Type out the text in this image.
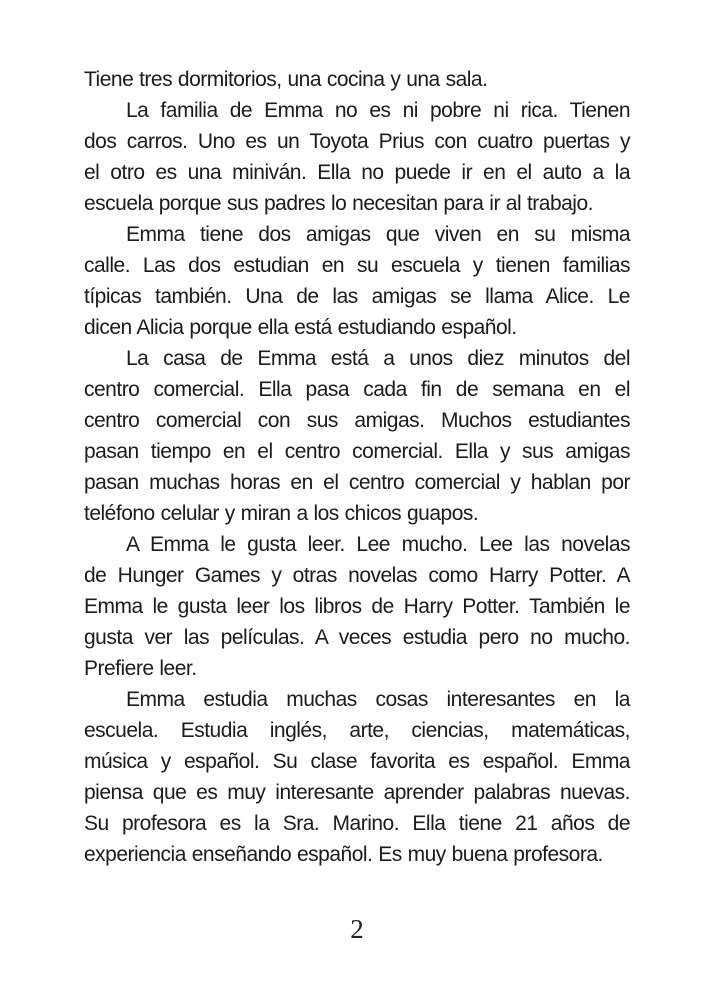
Tiene tres dormitorios, una cocina y una sala.
La familia de Emma no es ni pobre ni rica. Tienen
dos carros. Uno es un Toyota Prius con cuatro puertas y
el otro es una miniván. Ella no puede ir en el auto a la
escuela porque sus padres lo necesitan para ir al trabajo.
Emma tiene dos amigas que viven en su misma
calle. Las dos estudian en su escuela y tienen familias
típicas también. Una de las amigas se llama Alice. Le
dicen Alicia porque ella está estudiando español.
La casa de Emma está a unos diez minutos del
centro comercial. Ella pasa cada fin de semana en el
centro comercial con sus amigas. Muchos estudiantes
pasan tiempo en el centro comercial. Ella y sus amigas
pasan muchas horas en el centro comercial y hablan por
teléfono celular y miran a los chicos guapos.
A Emma le gusta leer. Lee mucho. Lee las novelas
de Hunger Games y otras novelas como Harry Potter. A
Emma le gusta leer los libros de Harry Potter. También le
gusta ver las películas. A veces estudia pero no mucho.
Prefiere leer.
Emma estudia muchas cosas interesantes en la
escuela. Estudia inglés, arte, ciencias, matemáticas,
música y español. Su clase favorita es español. Emma
piensa que es muy interesante aprender palabras nuevas.
Su profesora es la Sra. Marino. Ella tiene 21 años de
experiencia enseñando español. Es muy buena profesora.
2
